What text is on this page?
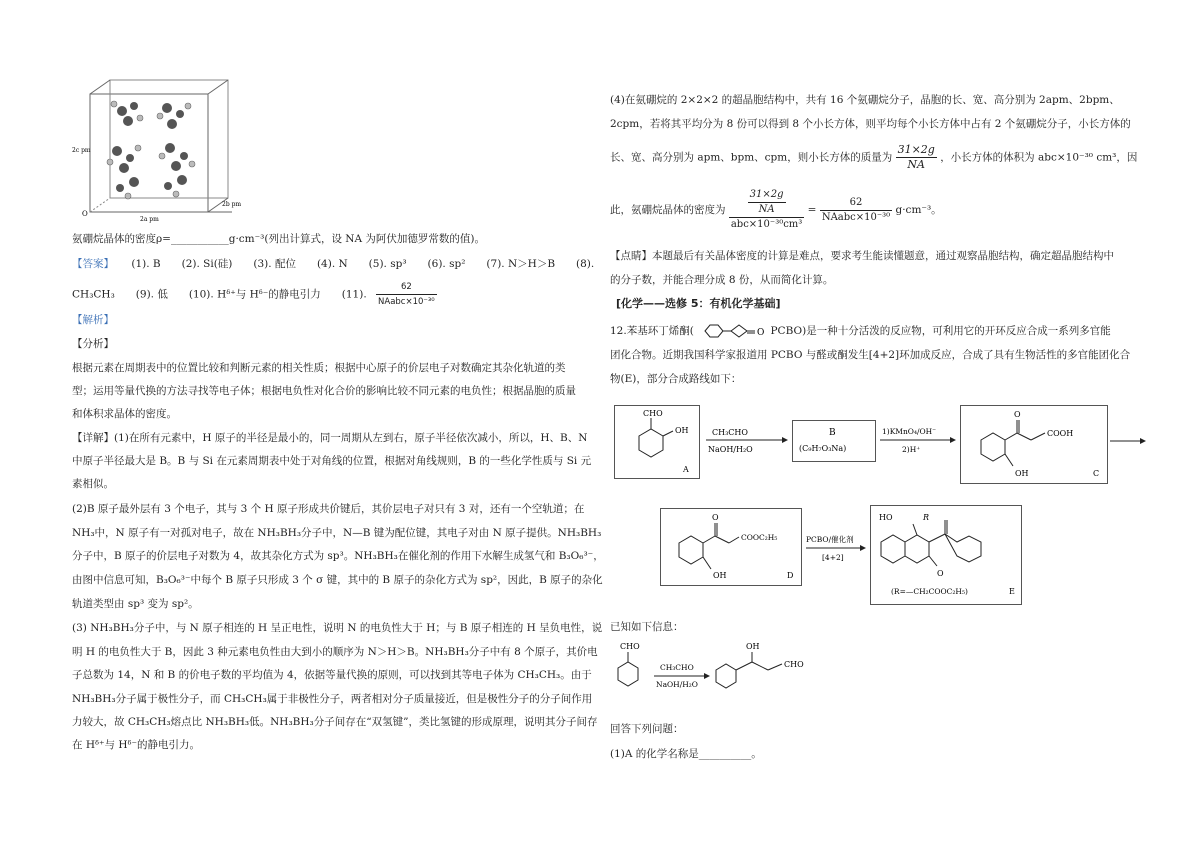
2c pm
2a pm
2b pm
O
氨硼烷晶体的密度ρ=___________g·cm⁻³(列出计算式，设 NA 为阿伏加德罗常数的值)。
【答案】 (1). B　　(2). Si(硅)　　(3). 配位　　(4). N　　(5). sp³　　(6). sp²　　(7). N＞H＞B　　(8).
CH₃CH₃　　(9). 低　　(10). Hᵟ⁺与 Hᵟ⁻的静电引力　　(11). $\frac{62}{\text{NAabc×10⁻³⁰}}$
【解析】
【分析】
根据元素在周期表中的位置比较和判断元素的相关性质；根据中心原子的价层电子对数确定其杂化轨道的类
型；运用等量代换的方法寻找等电子体；根据电负性对化合价的影响比较不同元素的电负性；根据晶胞的质量
和体积求晶体的密度。
【详解】(1)在所有元素中，H 原子的半径是最小的，同一周期从左到右，原子半径依次减小，所以，H、B、N
中原子半径最大是 B。B 与 Si 在元素周期表中处于对角线的位置，根据对角线规则，B 的一些化学性质与 Si 元
素相似。
(2)B 原子最外层有 3 个电子，其与 3 个 H 原子形成共价键后，其价层电子对只有 3 对，还有一个空轨道；在
NH₃中，N 原子有一对孤对电子，故在 NH₃BH₃分子中，N—B 键为配位键，其电子对由 N 原子提供。NH₃BH₃
分子中，B 原子的价层电子对数为 4，故其杂化方式为 sp³。NH₃BH₃在催化剂的作用下水解生成氢气和 B₃O₆³⁻，
由图中信息可知，B₃O₆³⁻中每个 B 原子只形成 3 个 σ 键，其中的 B 原子的杂化方式为 sp²，因此，B 原子的杂化
轨道类型由 sp³ 变为 sp²。
(3) NH₃BH₃分子中，与 N 原子相连的 H 呈正电性，说明 N 的电负性大于 H；与 B 原子相连的 H 呈负电性，说
明 H 的电负性大于 B，因此 3 种元素电负性由大到小的顺序为 N＞H＞B。NH₃BH₃分子中有 8 个原子，其价电
子总数为 14，N 和 B 的价电子数的平均值为 4，依据等量代换的原则，可以找到其等电子体为 CH₃CH₃。由于
NH₃BH₃分子属于极性分子，而 CH₃CH₃属于非极性分子，两者相对分子质量接近，但是极性分子的分子间作用
力较大，故 CH₃CH₃熔点比 NH₃BH₃低。NH₃BH₃分子间存在“双氢键”，类比氢键的形成原理，说明其分子间存
在 Hᵟ⁺与 Hᵟ⁻的静电引力。
(4)在氨硼烷的 2×2×2 的超晶胞结构中，共有 16 个氨硼烷分子，晶胞的长、宽、高分别为 2apm、2bpm、
2cpm，若将其平均分为 8 份可以得到 8 个小长方体，则平均每个小长方体中占有 2 个氨硼烷分子，小长方体的
长、宽、高分别为 apm、bpm、cpm，则小长方体的质量为 $\frac{31\times 2g}{NA}$ ，小长方体的体积为 abc×10⁻³⁰ cm³，因
此，氨硼烷晶体的密度为 $\frac{\frac{31\times 2g}{NA}}{\text{abc×10⁻³⁰cm³}} = \frac{62}{\text{NAabc×10⁻³⁰}} g\cdot cm^{-3}$。
【点睛】本题最后有关晶体密度的计算是难点，要求考生能读懂题意，通过观察晶胞结构，确定超晶胞结构中
的分子数，并能合理分成 8 份，从而简化计算。
[化学——选修 5：有机化学基础]
12.苯基环丁烯酮(	O PCBO)是一种十分活泼的反应物，可利用它的开环反应合成一系列多官能
团化合物。近期我国科学家报道用 PCBO 与醛或酮发生[4+2]环加成反应，合成了具有生物活性的多官能团化合
物(E)，部分合成路线如下：
CHO
OH
A
CH₃CHO
NaOH/H₂O
B
(C₉H₇O₃Na)
1)KMnO₄/OH⁻
2)H⁺
O
COOH
OH	C
O
COOC₂H₅
OH	D
PCBO/催化剂
[4+2]
HO	R
O
(R=—CH₂COOC₂H₅)	E
已知如下信息：
CHO
CH₃CHO
NaOH/H₂O
OH
CHO
回答下列问题：
(1)A 的化学名称是__________。
